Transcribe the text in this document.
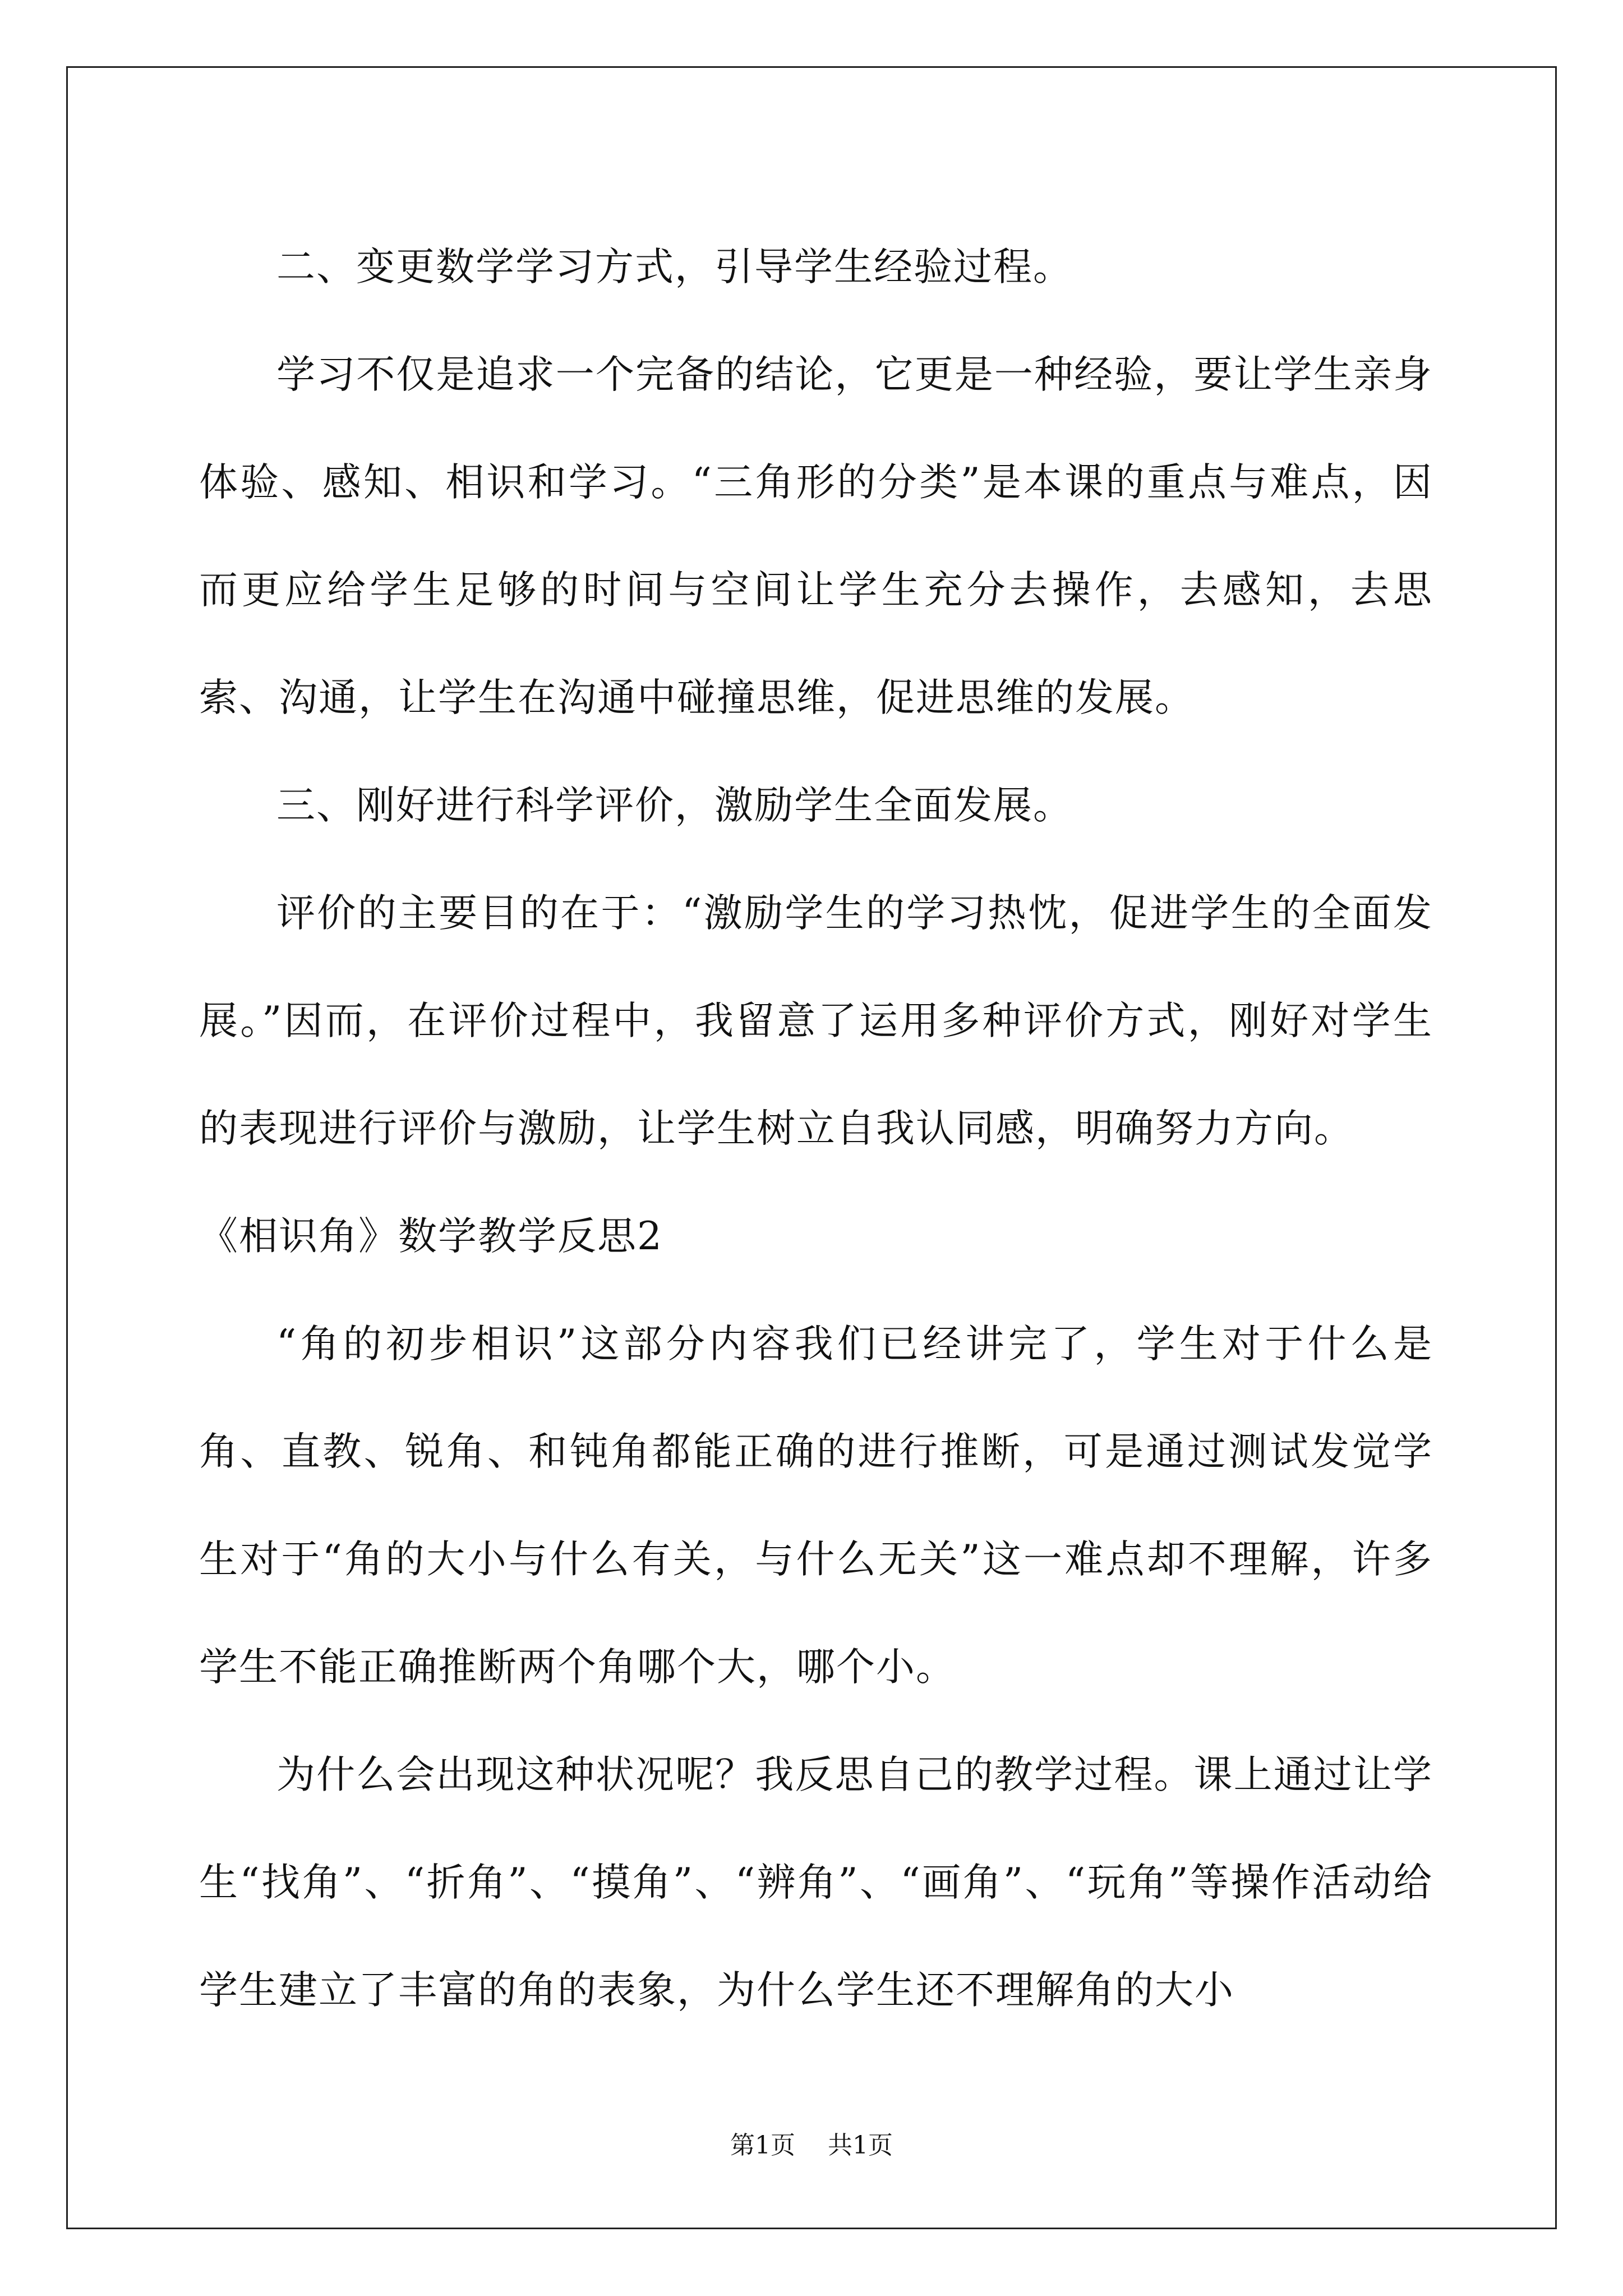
二、变更数学学习方式，引导学生经验过程。

学习不仅是追求一个完备的结论，它更是一种经验，要让学生亲身体验、感知、相识和学习。“三角形的分类”是本课的重点与难点，因而更应给学生足够的时间与空间让学生充分去操作，去感知，去思索、沟通，让学生在沟通中碰撞思维，促进思维的发展。

三、刚好进行科学评价，激励学生全面发展。

评价的主要目的在于：“激励学生的学习热忱，促进学生的全面发展。”因而，在评价过程中，我留意了运用多种评价方式，刚好对学生的表现进行评价与激励，让学生树立自我认同感，明确努力方向。

《相识角》数学教学反思2

“角的初步相识”这部分内容我们已经讲完了，学生对于什么是角、直教、锐角、和钝角都能正确的进行推断，可是通过测试发觉学生对于“角的大小与什么有关，与什么无关”这一难点却不理解，许多学生不能正确推断两个角哪个大，哪个小。

为什么会出现这种状况呢？我反思自己的教学过程。课上通过让学生“找角”、“折角”、“摸角”、“辨角”、“画角”、“玩角”等操作活动给学生建立了丰富的角的表象，为什么学生还不理解角的大小

第1页 共1页
